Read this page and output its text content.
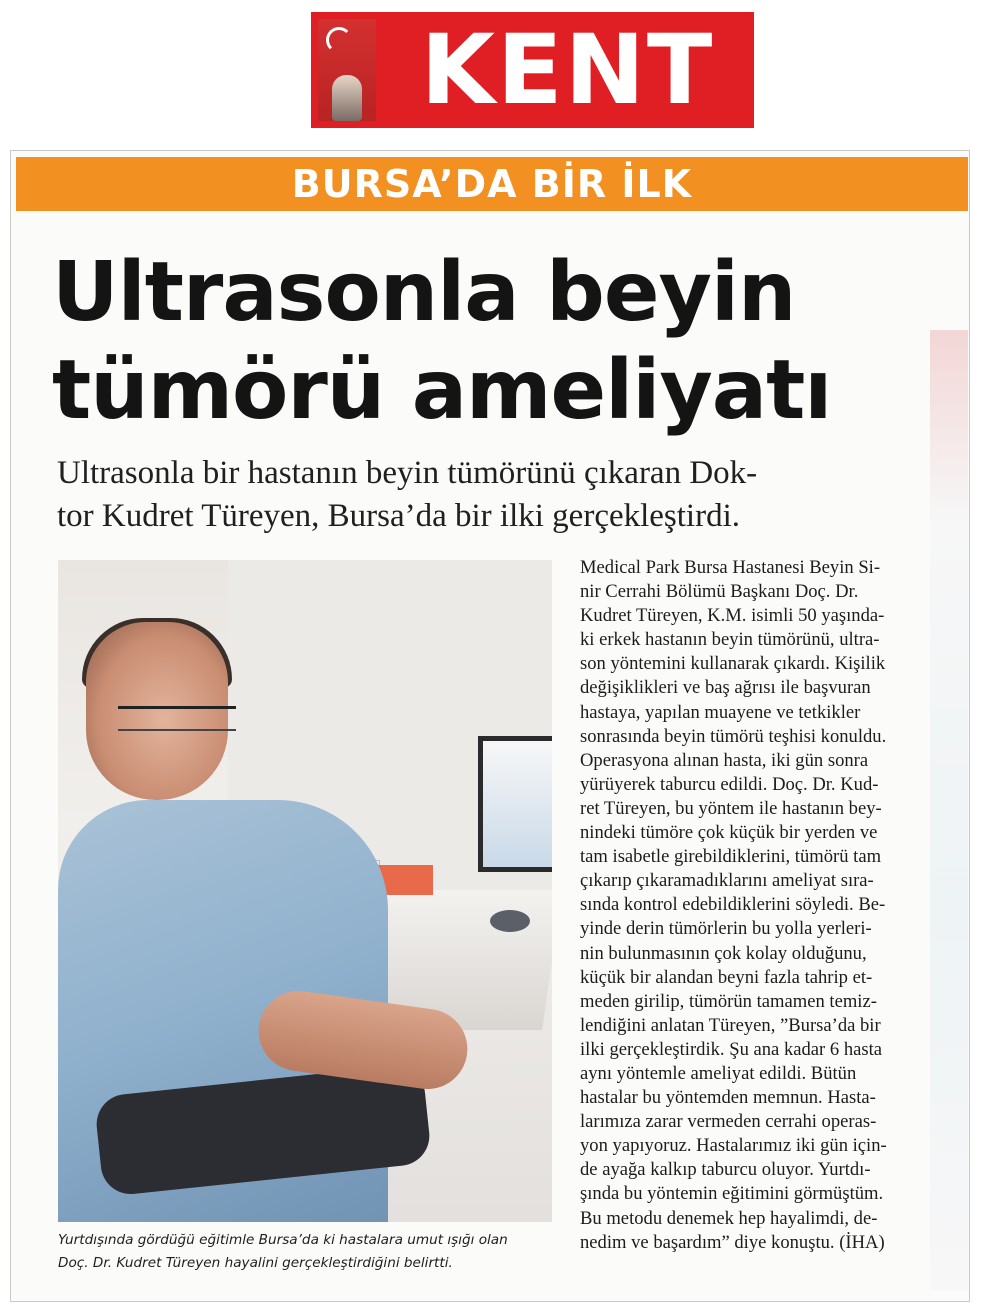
KENT
BURSA’DA BİR İLK
Ultrasonla beyin
tümörü ameliyatı

Ultrasonla bir hastanın beyin tümörünü çıkaran Dok-
tor Kudret Türeyen, Bursa’da bir ilki gerçekleştirdi.

Yurtdışında gördüğü eğitimle Bursa’da ki hastalara umut ışığı olan
Doç. Dr. Kudret Türeyen hayalini gerçekleştirdiğini belirtti.

Medical Park Bursa Hastanesi Beyin Si-
nir Cerrahi Bölümü Başkanı Doç. Dr.
Kudret Türeyen, K.M. isimli 50 yaşında-
ki erkek hastanın beyin tümörünü, ultra-
son yöntemini kullanarak çıkardı. Kişilik
değişiklikleri ve baş ağrısı ile başvuran
hastaya, yapılan muayene ve tetkikler
sonrasında beyin tümörü teşhisi konuldu.
Operasyona alınan hasta, iki gün sonra
yürüyerek taburcu edildi. Doç. Dr. Kud-
ret Türeyen, bu yöntem ile hastanın bey-
nindeki tümöre çok küçük bir yerden ve
tam isabetle girebildiklerini, tümörü tam
çıkarıp çıkaramadıklarını ameliyat sıra-
sında kontrol edebildiklerini söyledi. Be-
yinde derin tümörlerin bu yolla yerleri-
nin bulunmasının çok kolay olduğunu,
küçük bir alandan beyni fazla tahrip et-
meden girilip, tümörün tamamen temiz-
lendiğini anlatan Türeyen, ”Bursa’da bir
ilki gerçekleştirdik. Şu ana kadar 6 hasta
aynı yöntemle ameliyat edildi. Bütün
hastalar bu yöntemden memnun. Hasta-
larımıza zarar vermeden cerrahi operas-
yon yapıyoruz. Hastalarımız iki gün için-
de ayağa kalkıp taburcu oluyor. Yurtdı-
şında bu yöntemin eğitimini görmüştüm.
Bu metodu denemek hep hayalimdi, de-
nedim ve başardım” diye konuştu. (İHA)
